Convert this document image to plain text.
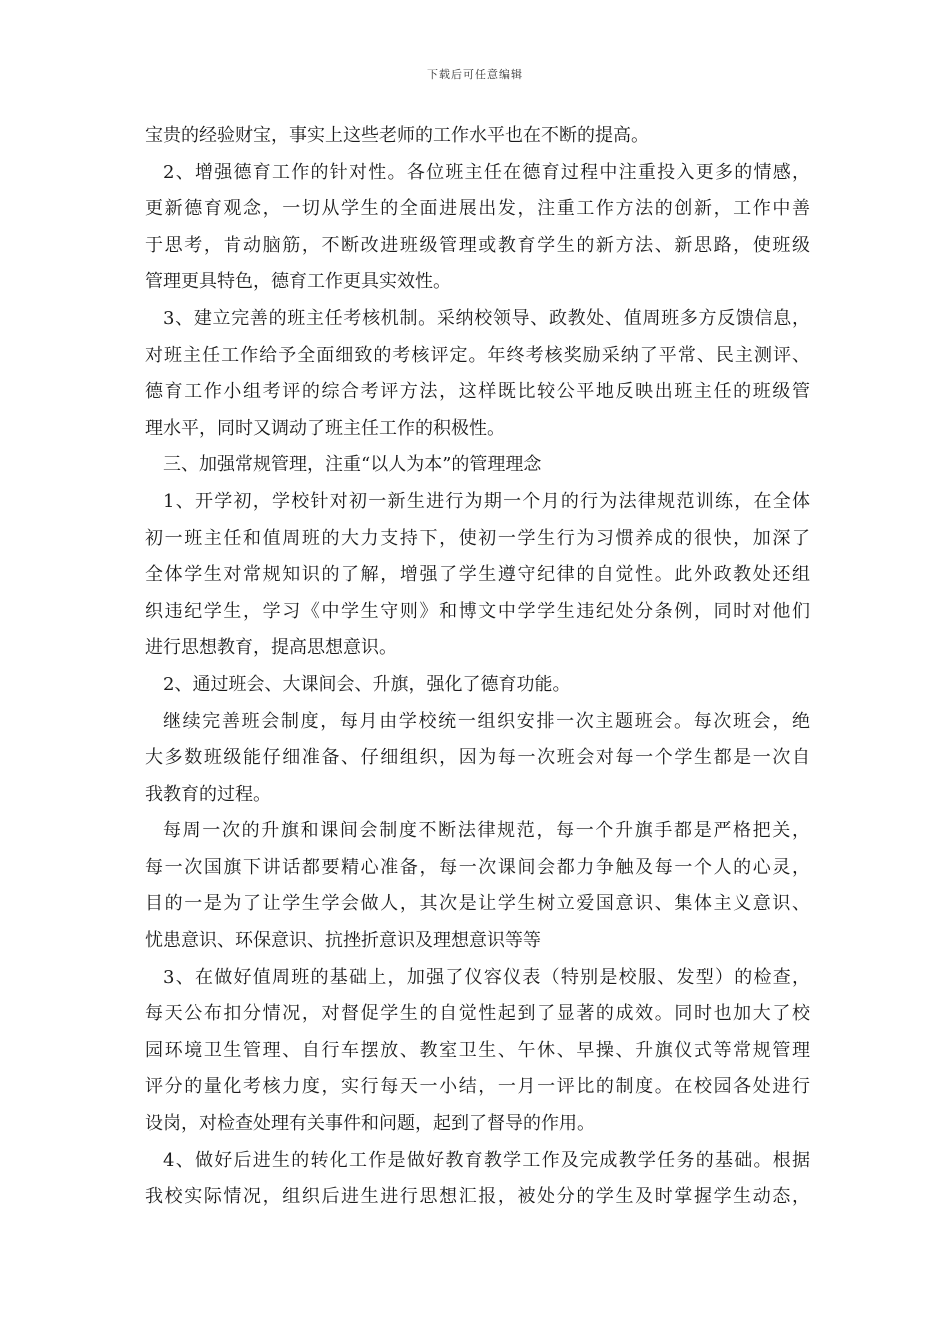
下载后可任意编辑
宝贵的经验财宝，事实上这些老师的工作水平也在不断的提高。
2、增强德育工作的针对性。各位班主任在德育过程中注重投入更多的情感，
更新德育观念，一切从学生的全面进展出发，注重工作方法的创新，工作中善
于思考，肯动脑筋，不断改进班级管理或教育学生的新方法、新思路，使班级
管理更具特色，德育工作更具实效性。
3、建立完善的班主任考核机制。采纳校领导、政教处、值周班多方反馈信息，
对班主任工作给予全面细致的考核评定。年终考核奖励采纳了平常、民主测评、
德育工作小组考评的综合考评方法，这样既比较公平地反映出班主任的班级管
理水平，同时又调动了班主任工作的积极性。
三、加强常规管理，注重“以人为本”的管理理念
1、开学初，学校针对初一新生进行为期一个月的行为法律规范训练，在全体
初一班主任和值周班的大力支持下，使初一学生行为习惯养成的很快，加深了
全体学生对常规知识的了解，增强了学生遵守纪律的自觉性。此外政教处还组
织违纪学生，学习《中学生守则》和博文中学学生违纪处分条例，同时对他们
进行思想教育，提高思想意识。
2、通过班会、大课间会、升旗，强化了德育功能。
继续完善班会制度，每月由学校统一组织安排一次主题班会。每次班会，绝
大多数班级能仔细准备、仔细组织，因为每一次班会对每一个学生都是一次自
我教育的过程。
每周一次的升旗和课间会制度不断法律规范，每一个升旗手都是严格把关，
每一次国旗下讲话都要精心准备，每一次课间会都力争触及每一个人的心灵，
目的一是为了让学生学会做人，其次是让学生树立爱国意识、集体主义意识、
忧患意识、环保意识、抗挫折意识及理想意识等等
3、在做好值周班的基础上，加强了仪容仪表（特别是校服、发型）的检查，
每天公布扣分情况，对督促学生的自觉性起到了显著的成效。同时也加大了校
园环境卫生管理、自行车摆放、教室卫生、午休、早操、升旗仪式等常规管理
评分的量化考核力度，实行每天一小结，一月一评比的制度。在校园各处进行
设岗，对检查处理有关事件和问题，起到了督导的作用。
4、做好后进生的转化工作是做好教育教学工作及完成教学任务的基础。根据
我校实际情况，组织后进生进行思想汇报，被处分的学生及时掌握学生动态，
